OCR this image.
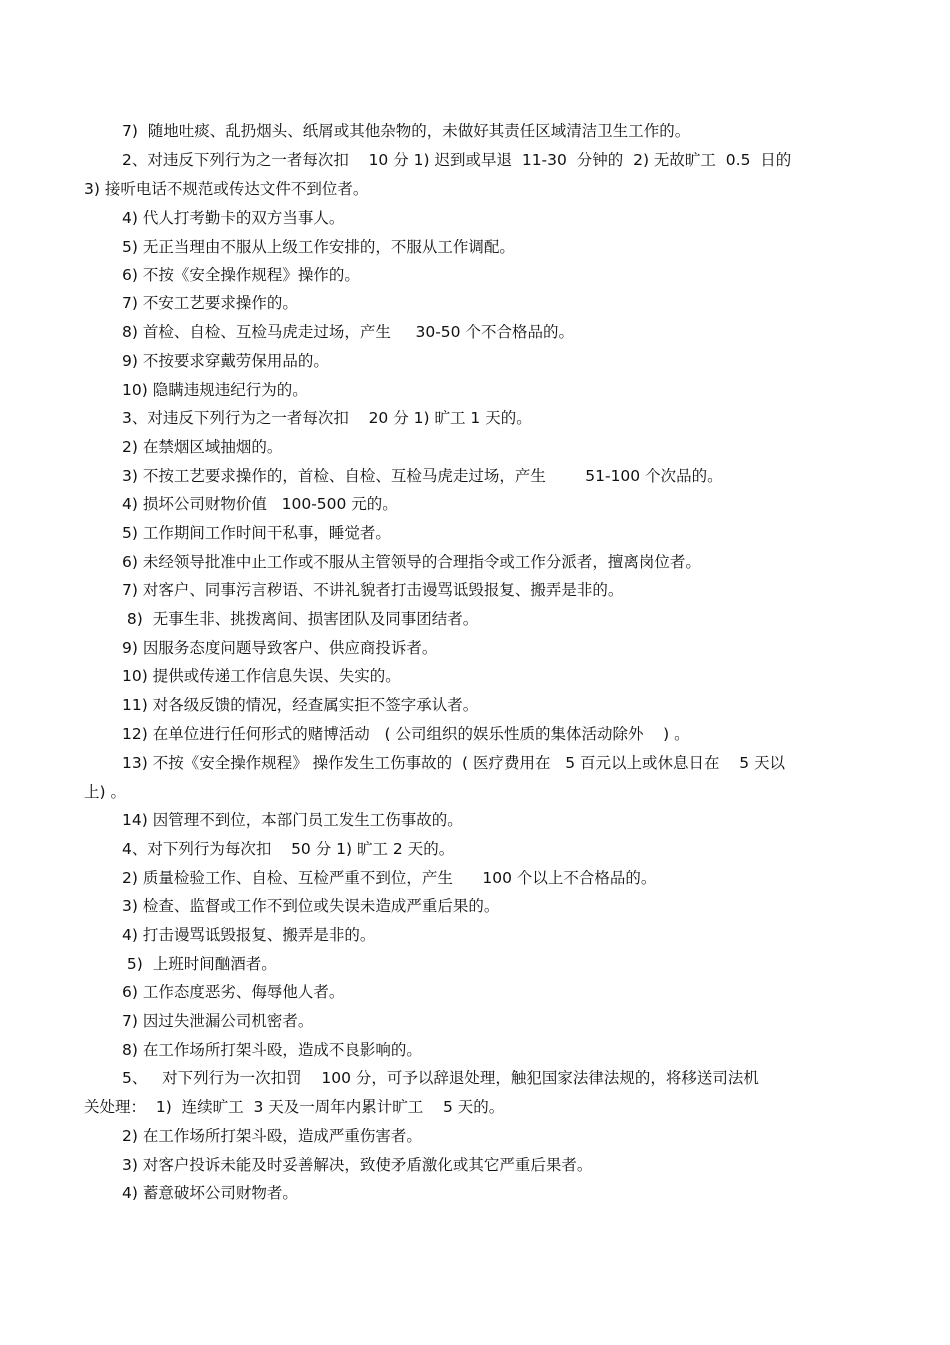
7)  随地吐痰、乱扔烟头、纸屑或其他杂物的，未做好其责任区域清洁卫生工作的。
2、对违反下列行为之一者每次扣    10 分 1) 迟到或早退  11-30  分钟的  2) 无故旷工  0.5  日的
3) 接听电话不规范或传达文件不到位者。
4) 代人打考勤卡的双方当事人。
5) 无正当理由不服从上级工作安排的，不服从工作调配。
6) 不按《安全操作规程》操作的。
7) 不安工艺要求操作的。
8) 首检、自检、互检马虎走过场，产生     30-50 个不合格品的。
9) 不按要求穿戴劳保用品的。
10) 隐瞒违规违纪行为的。
3、对违反下列行为之一者每次扣    20 分 1) 旷工 1 天的。
2) 在禁烟区域抽烟的。
3) 不按工艺要求操作的，首检、自检、互检马虎走过场，产生        51-100 个次品的。
4) 损坏公司财物价值   100-500 元的。
5) 工作期间工作时间干私事，睡觉者。
6) 未经领导批准中止工作或不服从主管领导的合理指令或工作分派者，擅离岗位者。
7) 对客户、同事污言秽语、不讲礼貌者打击谩骂诋毁报复、搬弄是非的。
8)  无事生非、挑拨离间、损害团队及同事团结者。
9) 因服务态度问题导致客户、供应商投诉者。
10) 提供或传递工作信息失误、失实的。
11) 对各级反馈的情况，经查属实拒不签字承认者。
12) 在单位进行任何形式的赌博活动   ( 公司组织的娱乐性质的集体活动除外    ) 。
13) 不按《安全操作规程》 操作发生工伤事故的  ( 医疗费用在   5 百元以上或休息日在    5 天以
上) 。
14) 因管理不到位，本部门员工发生工伤事故的。
4、对下列行为每次扣    50 分 1) 旷工 2 天的。
2) 质量检验工作、自检、互检严重不到位，产生      100 个以上不合格品的。
3) 检查、监督或工作不到位或失误未造成严重后果的。
4) 打击谩骂诋毁报复、搬弄是非的。
5)  上班时间酗酒者。
6) 工作态度恶劣、侮辱他人者。
7) 因过失泄漏公司机密者。
8) 在工作场所打架斗殴，造成不良影响的。
5、   对下列行为一次扣罚    100 分，可予以辞退处理，触犯国家法律法规的，将移送司法机
关处理：  1)  连续旷工  3 天及一周年内累计旷工    5 天的。
2) 在工作场所打架斗殴，造成严重伤害者。
3) 对客户投诉未能及时妥善解决，致使矛盾激化或其它严重后果者。
4) 蓄意破坏公司财物者。
